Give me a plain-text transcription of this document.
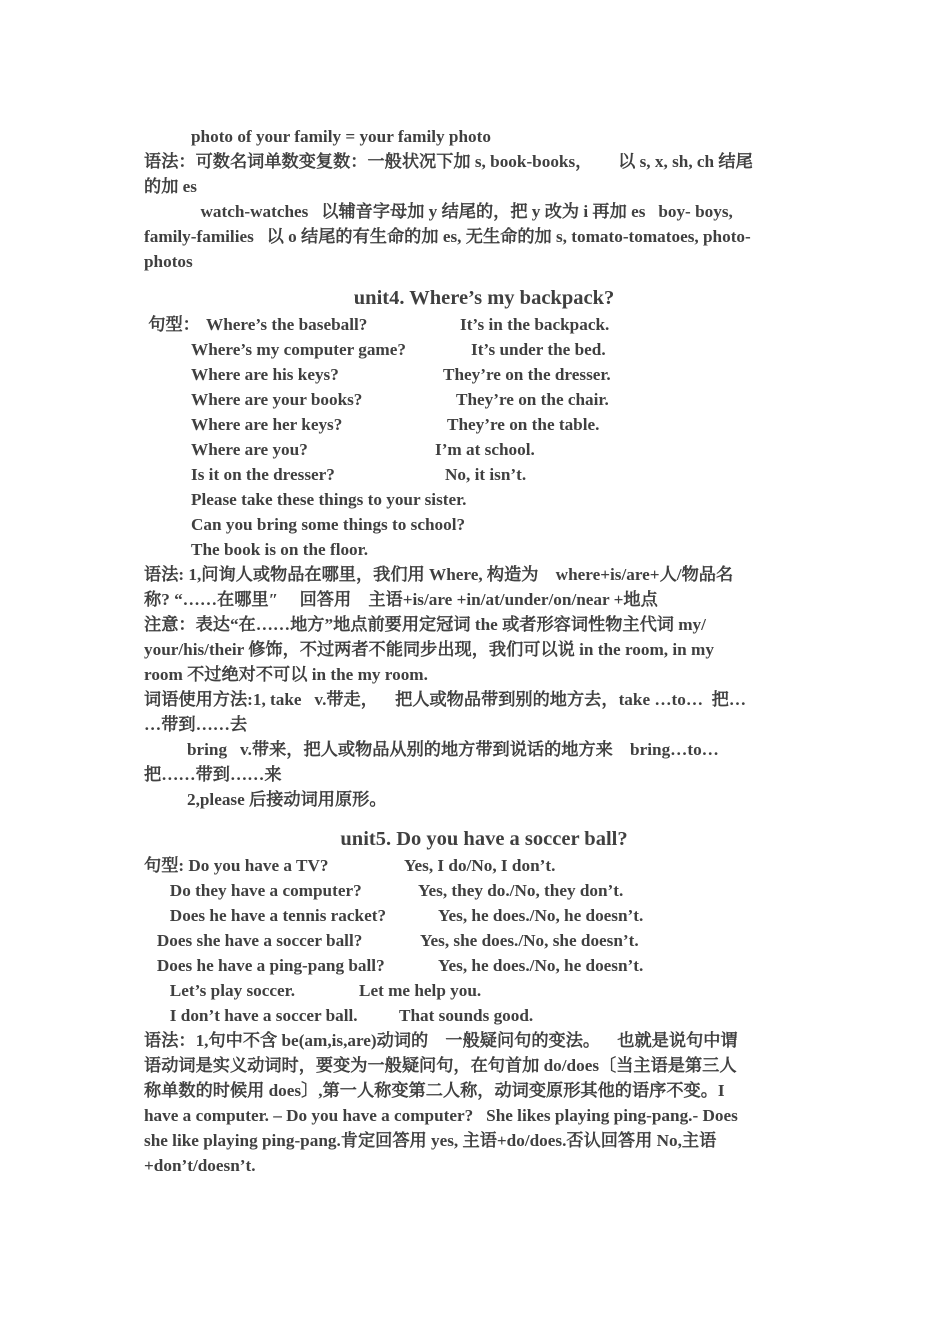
photo of your family = your family photo
语法：可数名词单数变复数：一般状况下加 s, book-books，      以 s, x, sh, ch 结尾
的加 es
watch-watches   以辅音字母加 y 结尾的，把 y 改为 i 再加 es   boy- boys,
family-families   以 o 结尾的有生命的加 es, 无生命的加 s, tomato-tomatoes, photo-
photos
unit4. Where’s my backpack?
句型： Where’s the baseball?	It’s in the backpack.
Where’s my computer game?	It’s under the bed.
Where are his keys?	They’re on the dresser.
Where are your books?	They’re on the chair.
Where are her keys?	They’re on the table.
Where are you?	I’m at school.
Is it on the dresser?	No, it isn’t.
Please take these things to your sister.
Can you bring some things to school?
The book is on the floor.
语法: 1,问询人或物品在哪里，我们用 Where, 构造为    where+is/are+人/物品名
称? “……在哪里″     回答用    主语+is/are +in/at/under/on/near +地点
注意：表达“在……地方”地点前要用定冠词 the 或者形容词性物主代词 my/
your/his/their 修饰，不过两者不能同步出现，我们可以说 in the room, in my
room 不过绝对不可以 in the my room.
词语使用方法:1, take   v.带走，    把人或物品带到别的地方去，take …to…  把…
…带到……去
bring   v.带来，把人或物品从别的地方带到说话的地方来    bring…to…
把……带到……来
2,please 后接动词用原形。
unit5. Do you have a soccer ball?
句型: Do you have a TV?	Yes, I do/No, I don’t.
Do they have a computer?	Yes, they do./No, they don’t.
Does he have a tennis racket?	Yes, he does./No, he doesn’t.
Does she have a soccer ball?	Yes, she does./No, she doesn’t.
Does he have a ping-pang ball?	Yes, he does./No, he doesn’t.
Let’s play soccer.	Let me help you.
I don’t have a soccer ball. That sounds good.
语法：1,句中不含 be(am,is,are)动词的    一般疑问句的变法。    也就是说句中谓
语动词是实义动词时，要变为一般疑问句，在句首加 do/does〔当主语是第三人
称单数的时候用 does〕,第一人称变第二人称，动词变原形其他的语序不变。I
have a computer. – Do you have a computer?   She likes playing ping-pang.- Does
she like playing ping-pang.肯定回答用 yes, 主语+do/does.否认回答用 No,主语
+don’t/doesn’t.
